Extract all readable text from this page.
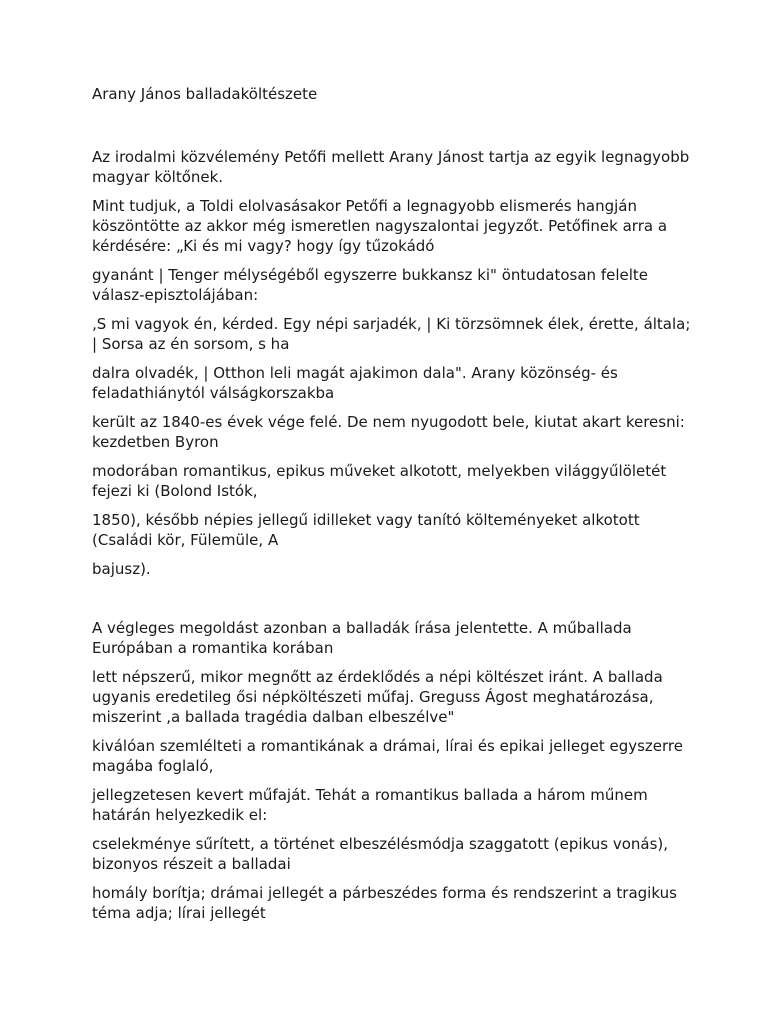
Arany János balladaköltészete

Az irodalmi közvélemény Petőfi mellett Arany Jánost tartja az egyik legnagyobb magyar költőnek.

Mint tudjuk, a Toldi elolvasásakor Petőfi a legnagyobb elismerés hangján köszöntötte az akkor még ismeretlen nagyszalontai jegyzőt. Petőfinek arra a kérdésére: „Ki és mi vagy? hogy így tűzokádó

gyanánt | Tenger mélységéből egyszerre bukkansz ki" öntudatosan felelte válasz-episztolájában:

‚S mi vagyok én, kérded. Egy népi sarjadék, | Ki törzsömnek élek, érette, általa; | Sorsa az én sorsom, s ha

dalra olvadék, | Otthon leli magát ajakimon dala". Arany közönség- és feladathiánytól válságkorszakba

került az 1840-es évek vége felé. De nem nyugodott bele, kiutat akart keresni: kezdetben Byron

modorában romantikus, epikus műveket alkotott, melyekben világgyűlöletét fejezi ki (Bolond Istók,

1850), később népies jellegű idilleket vagy tanító költeményeket alkotott (Családi kör, Fülemüle, A

bajusz).

A végleges megoldást azonban a balladák írása jelentette. A műballada Európában a romantika korában

lett népszerű, mikor megnőtt az érdeklődés a népi költészet iránt. A ballada ugyanis eredetileg ősi népköltészeti műfaj. Greguss Ágost meghatározása, miszerint ‚a ballada tragédia dalban elbeszélve"

kiválóan szemlélteti a romantikának a drámai, lírai és epikai jelleget egyszerre magába foglaló,

jellegzetesen kevert műfaját. Tehát a romantikus ballada a három műnem határán helyezkedik el:

cselekménye sűrített, a történet elbeszélésmódja szaggatott (epikus vonás), bizonyos részeit a balladai

homály borítja; drámai jellegét a párbeszédes forma és rendszerint a tragikus téma adja; lírai jellegét
